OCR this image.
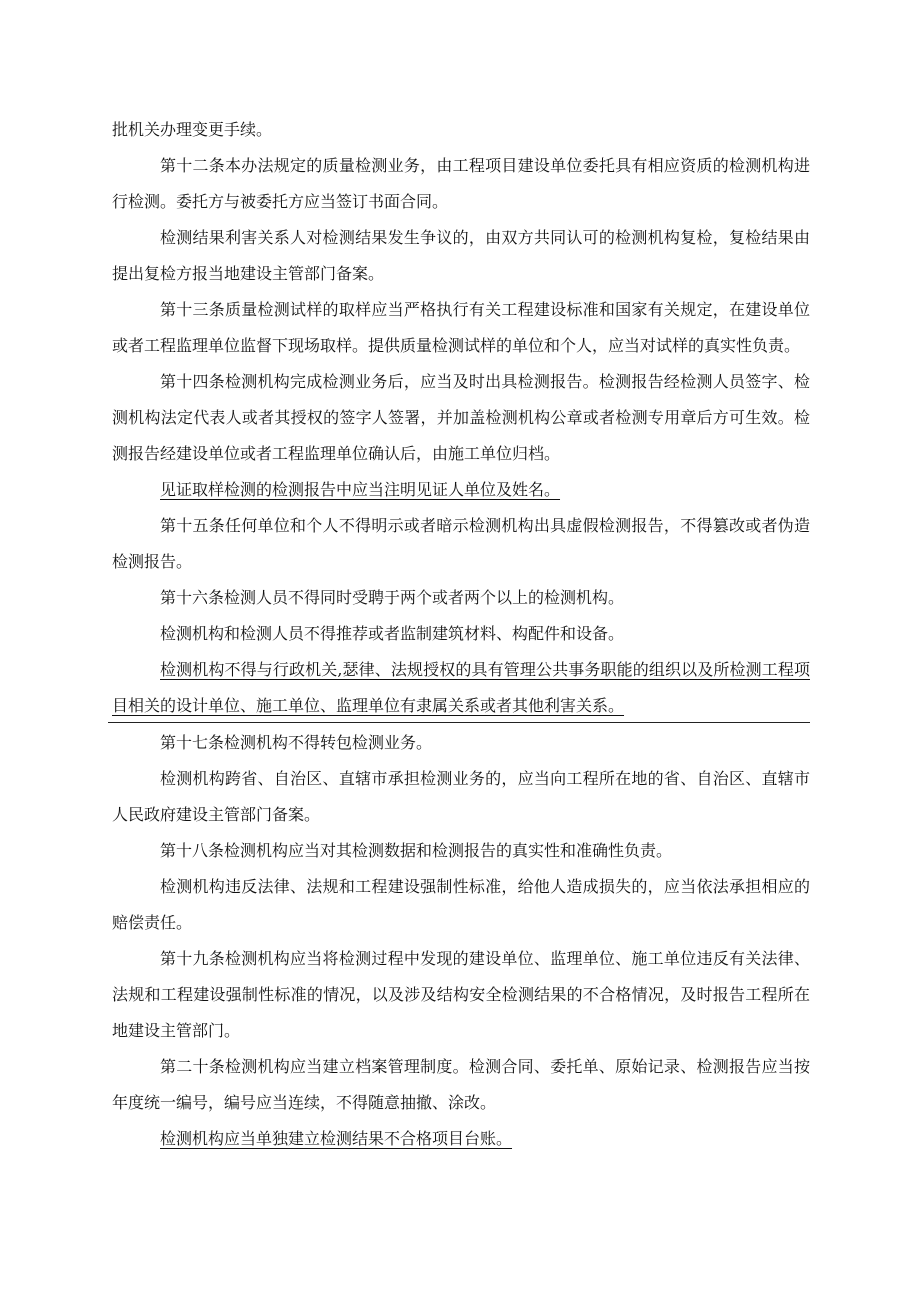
批机关办理变更手续。

第十二条本办法规定的质量检测业务，由工程项目建设单位委托具有相应资质的检测机构进行检测。委托方与被委托方应当签订书面合同。

检测结果利害关系人对检测结果发生争议的，由双方共同认可的检测机构复检，复检结果由提出复检方报当地建设主管部门备案。

第十三条质量检测试样的取样应当严格执行有关工程建设标准和国家有关规定，在建设单位或者工程监理单位监督下现场取样。提供质量检测试样的单位和个人，应当对试样的真实性负责。

第十四条检测机构完成检测业务后，应当及时出具检测报告。检测报告经检测人员签字、检测机构法定代表人或者其授权的签字人签署，并加盖检测机构公章或者检测专用章后方可生效。检测报告经建设单位或者工程监理单位确认后，由施工单位归档。

见证取样检测的检测报告中应当注明见证人单位及姓名。

第十五条任何单位和个人不得明示或者暗示检测机构出具虚假检测报告，不得篡改或者伪造检测报告。

第十六条检测人员不得同时受聘于两个或者两个以上的检测机构。

检测机构和检测人员不得推荐或者监制建筑材料、构配件和设备。

检测机构不得与行政机关,瑟律、法规授权的具有管理公共事务职能的组织以及所检测工程项目相关的设计单位、施工单位、监理单位有隶属关系或者其他利害关系。

第十七条检测机构不得转包检测业务。

检测机构跨省、自治区、直辖市承担检测业务的，应当向工程所在地的省、自治区、直辖市人民政府建设主管部门备案。

第十八条检测机构应当对其检测数据和检测报告的真实性和准确性负责。

检测机构违反法律、法规和工程建设强制性标准，给他人造成损失的，应当依法承担相应的赔偿责任。

第十九条检测机构应当将检测过程中发现的建设单位、监理单位、施工单位违反有关法律、法规和工程建设强制性标准的情况，以及涉及结构安全检测结果的不合格情况，及时报告工程所在地建设主管部门。

第二十条检测机构应当建立档案管理制度。检测合同、委托单、原始记录、检测报告应当按年度统一编号，编号应当连续，不得随意抽撤、涂改。

检测机构应当单独建立检测结果不合格项目台账。
